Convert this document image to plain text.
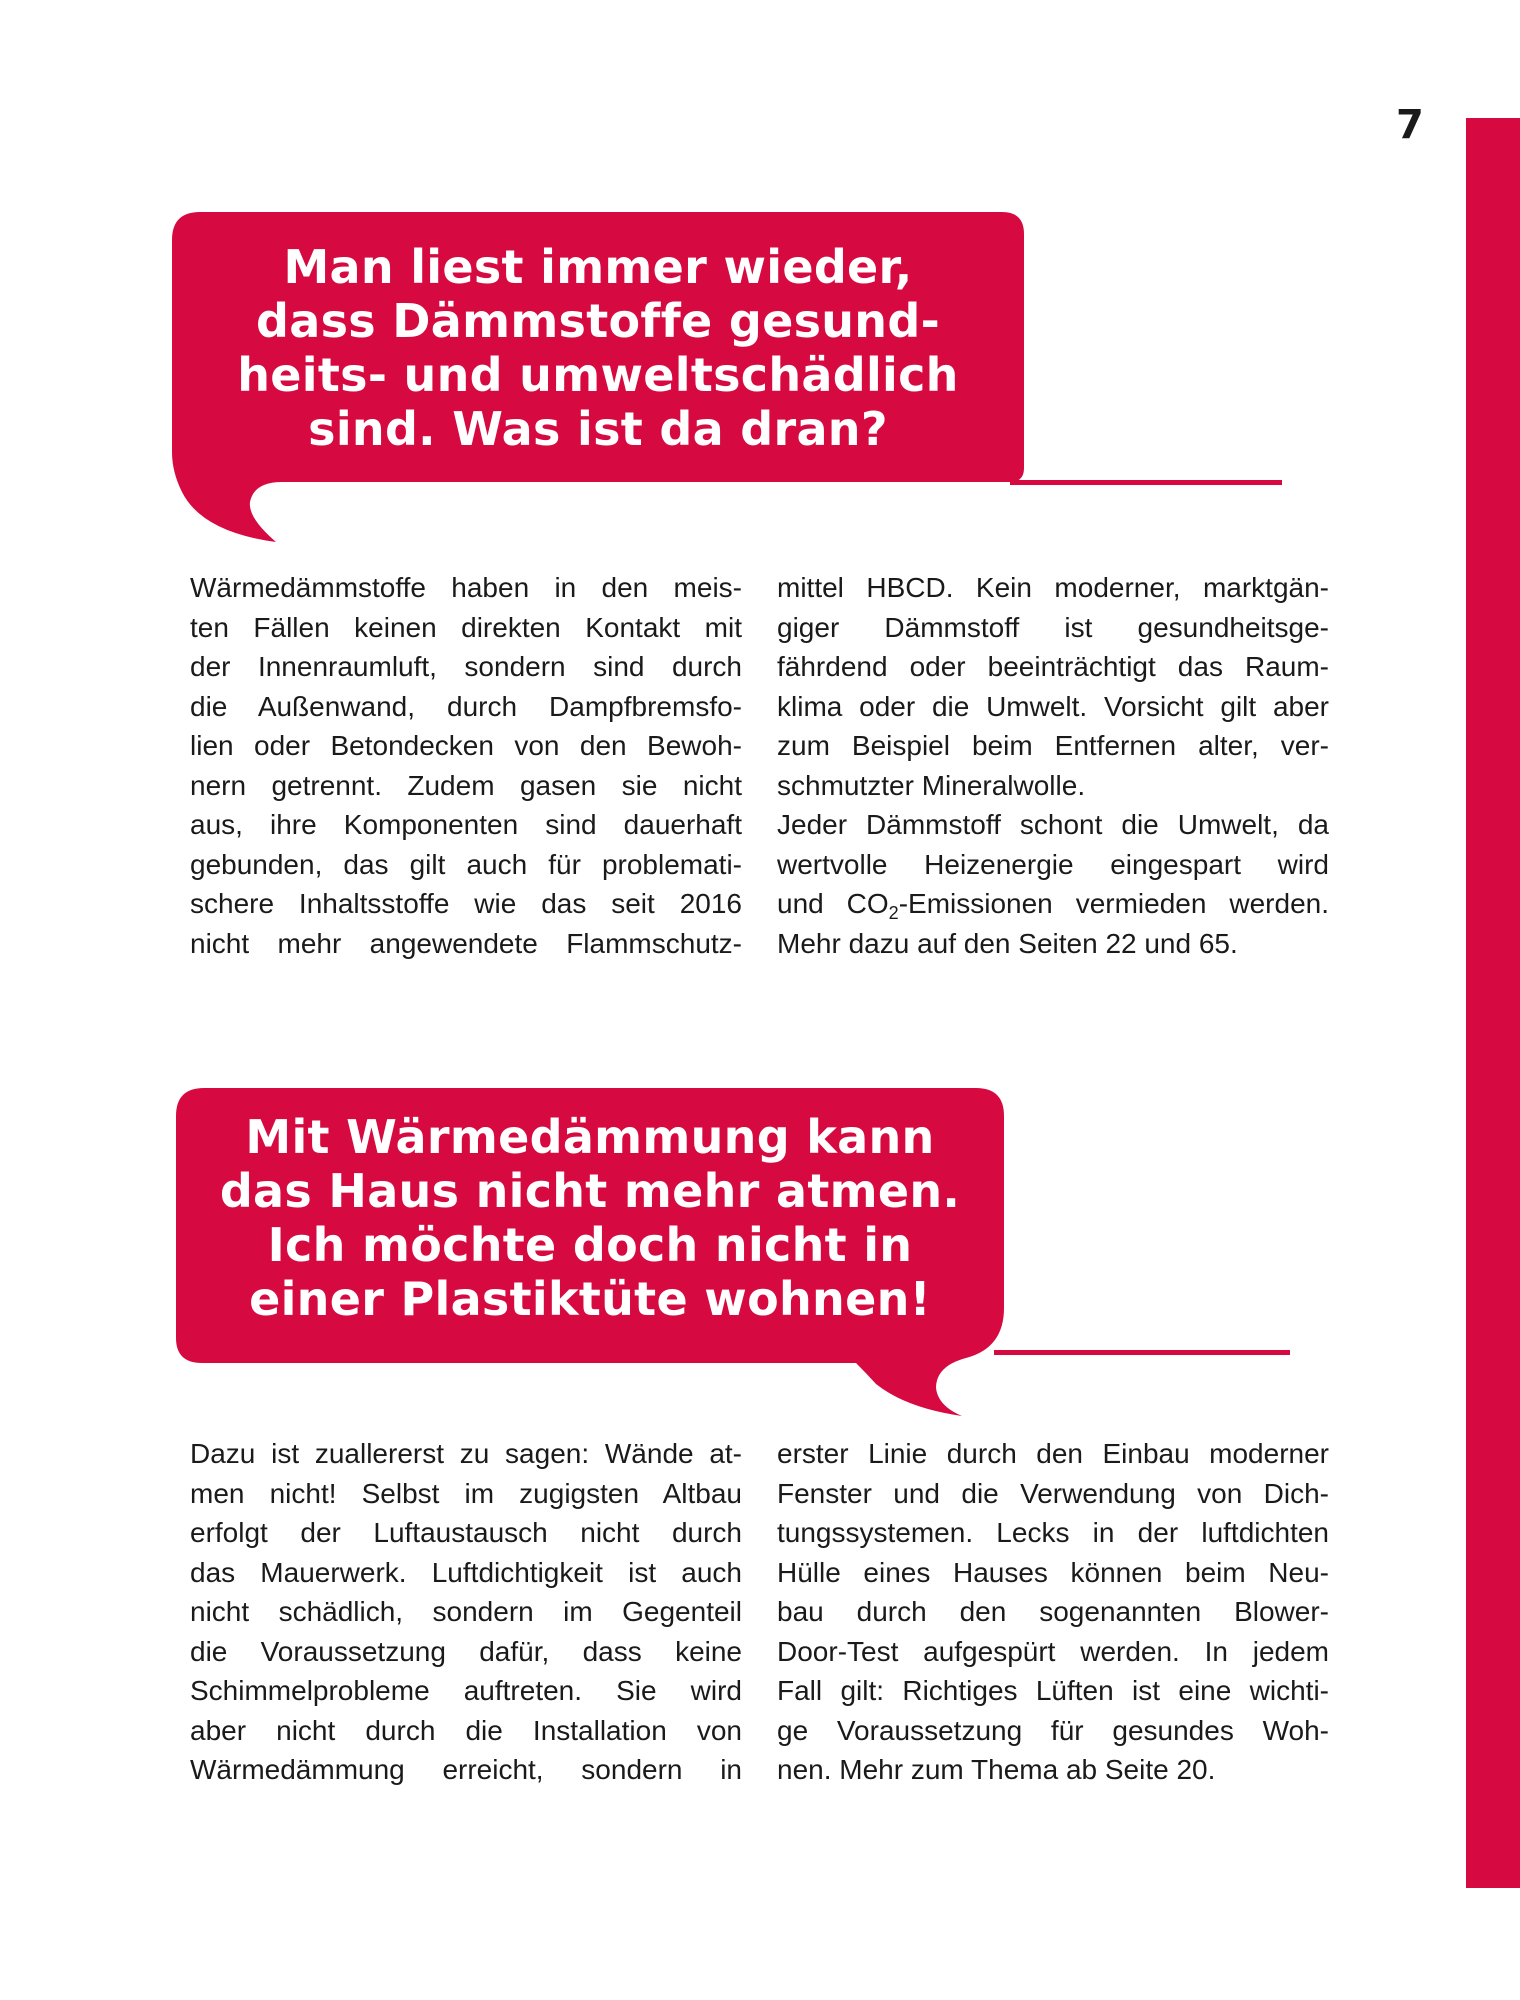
7
Man liest immer wieder,
dass Dämmstoffe gesund-
heits- und umweltschädlich
sind. Was ist da dran?
Wärmedämmstoffe haben in den meis-
ten Fällen keinen direkten Kontakt mit
der Innenraumluft, sondern sind durch
die Außenwand, durch Dampfbremsfo-
lien oder Betondecken von den Bewoh-
nern getrennt. Zudem gasen sie nicht
aus, ihre Komponenten sind dauerhaft
gebunden, das gilt auch für problemati-
schere Inhaltsstoffe wie das seit 2016
nicht mehr angewendete Flammschutz-
mittel HBCD. Kein moderner, marktgän-
giger Dämmstoff ist gesundheitsge-
fährdend oder beeinträchtigt das Raum-
klima oder die Umwelt. Vorsicht gilt aber
zum Beispiel beim Entfernen alter, ver-
schmutzter Mineralwolle.
Jeder Dämmstoff schont die Umwelt, da
wertvolle Heizenergie eingespart wird
und $CO_2$-Emissionen vermieden werden.
Mehr dazu auf den Seiten 22 und 65.
Mit Wärmedämmung kann
das Haus nicht mehr atmen.
Ich möchte doch nicht in
einer Plastiktüte wohnen!
Dazu ist zuallererst zu sagen: Wände at-
men nicht! Selbst im zugigsten Altbau
erfolgt der Luftaustausch nicht durch
das Mauerwerk. Luftdichtigkeit ist auch
nicht schädlich, sondern im Gegenteil
die Voraussetzung dafür, dass keine
Schimmelprobleme auftreten. Sie wird
aber nicht durch die Installation von
Wärmedämmung erreicht, sondern in
erster Linie durch den Einbau moderner
Fenster und die Verwendung von Dich-
tungssystemen. Lecks in der luftdichten
Hülle eines Hauses können beim Neu-
bau durch den sogenannten Blower-
Door-Test aufgespürt werden. In jedem
Fall gilt: Richtiges Lüften ist eine wichti-
ge Voraussetzung für gesundes Woh-
nen. Mehr zum Thema ab Seite 20.
